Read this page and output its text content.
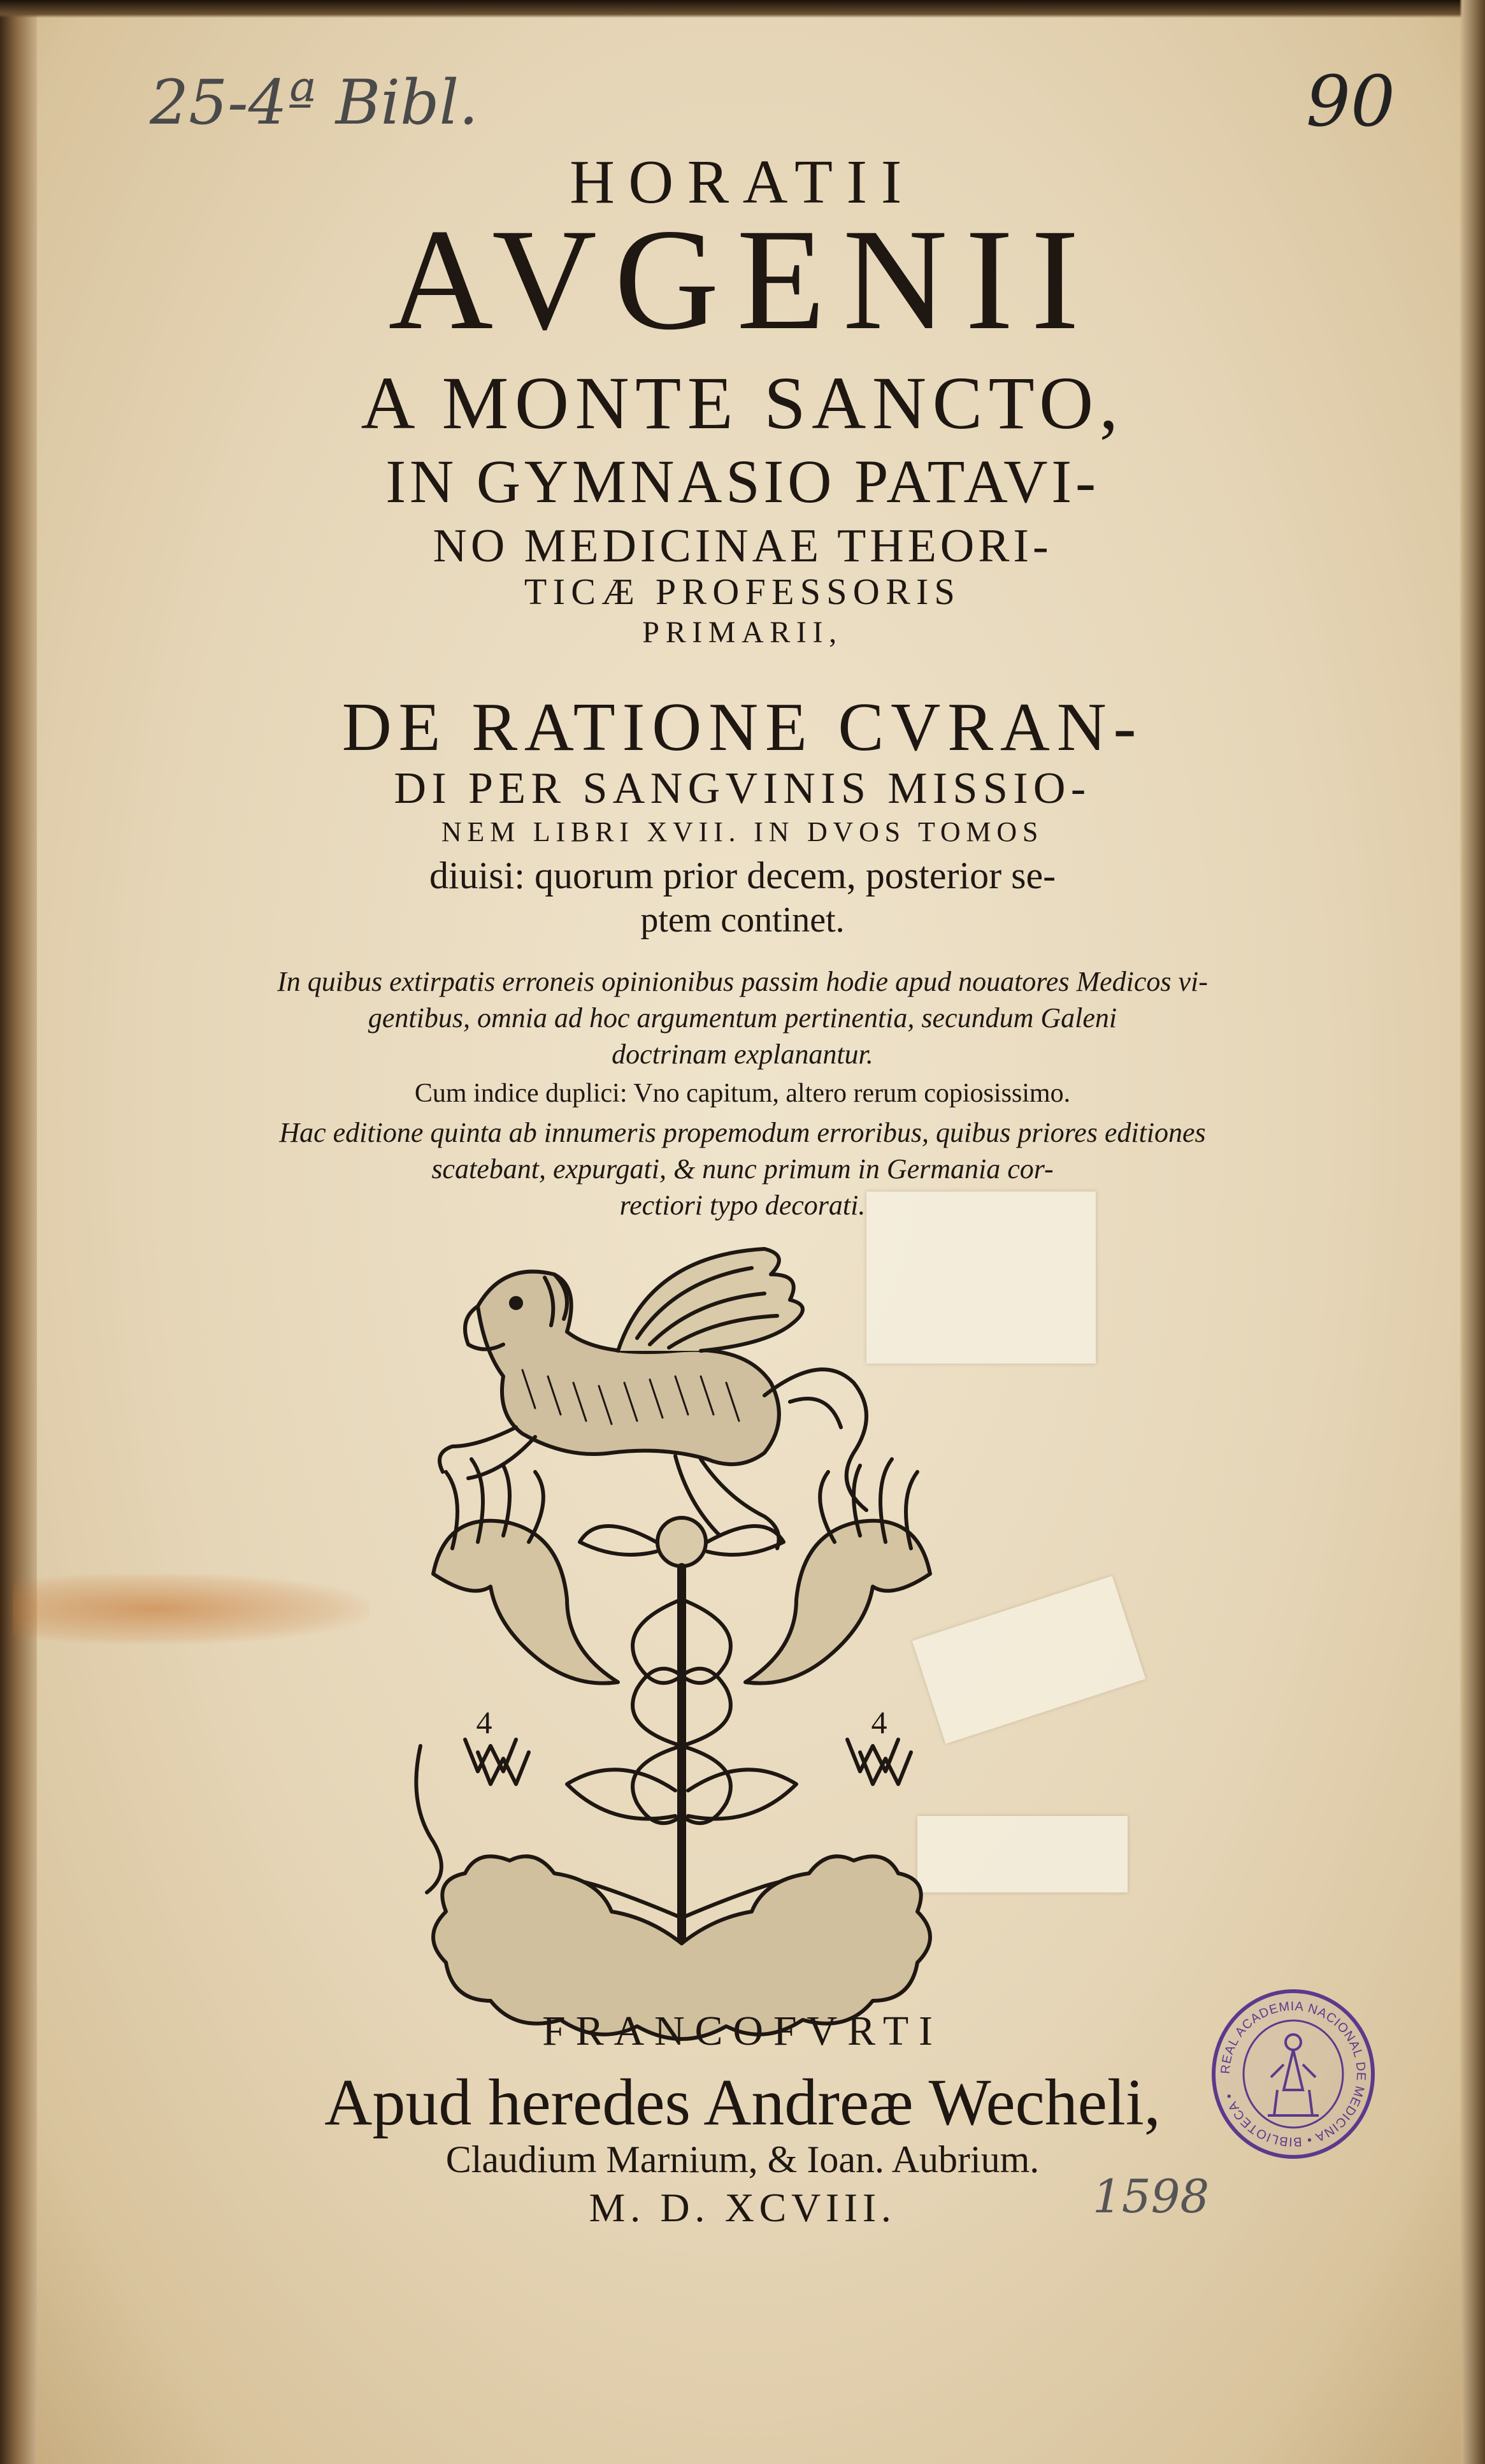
25-4ª Bibl.	90
1598
HORATII
AVGENII
A MONTE SANCTO,
IN GYMNASIO PATAVI-
NO MEDICINAE THEORI-
TICÆ PROFESSORIS
PRIMARII,
DE RATIONE CVRAN-
DI PER SANGVINIS MISSIO-
NEM LIBRI XVII. IN DVOS TOMOS
diuisi: quorum prior decem, posterior se-
ptem continet.
In quibus extirpatis erroneis opinionibus passim hodie apud nouatores Medicos vi-
gentibus, omnia ad hoc argumentum pertinentia, secundum Galeni
doctrinam explanantur.
Cum indice duplici: Vno capitum, altero rerum copiosissimo.
Hac editione quinta ab innumeris propemodum erroribus, quibus priores editiones
scatebant, expurgati, & nunc primum in Germania cor-
rectiori typo decorati.
4	4
FRANCOFVRTI
Apud heredes Andreæ Wecheli,
Claudium Marnium, & Ioan. Aubrium.
M. D. XCVIII.
REAL ACADEMIA NACIONAL DE MEDICINA • BIBLIOTECA •
